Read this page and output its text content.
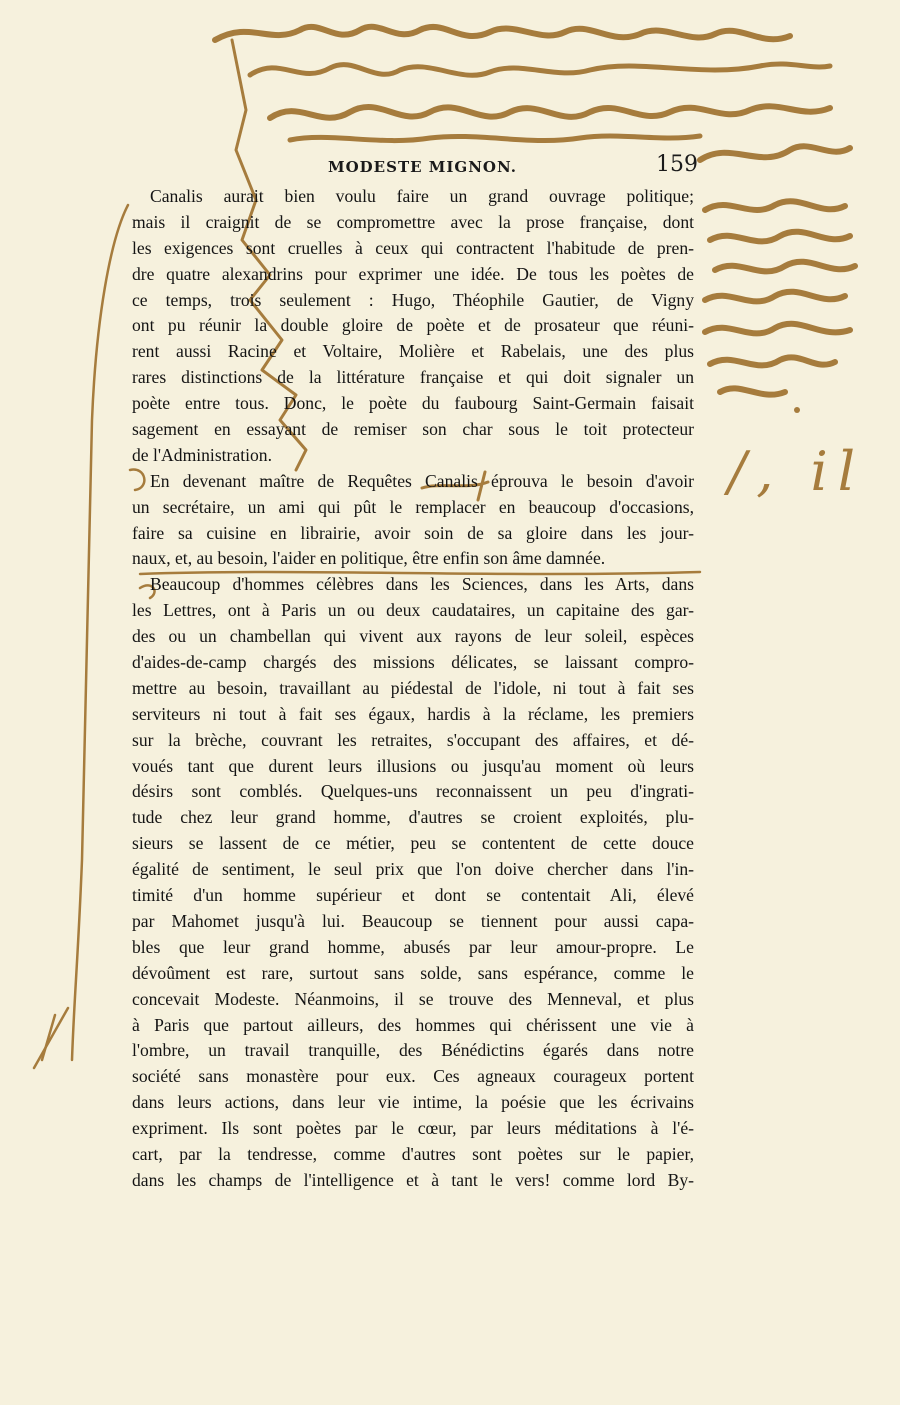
/, il
MODESTE MIGNON.	159
Canalis aurait bien voulu faire un grand ouvrage politique;
mais il craignit de se compromettre avec la prose française, dont
les exigences sont cruelles à ceux qui contractent l'habitude de pren-
dre quatre alexandrins pour exprimer une idée. De tous les poètes de
ce temps, trois seulement : Hugo, Théophile Gautier, de Vigny
ont pu réunir la double gloire de poète et de prosateur que réuni-
rent aussi Racine et Voltaire, Molière et Rabelais, une des plus
rares distinctions de la littérature française et qui doit signaler un
poète entre tous. Donc, le poète du faubourg Saint-Germain faisait
sagement en essayant de remiser son char sous le toit protecteur
de l'Administration.
En devenant maître de Requêtes Canalis éprouva le besoin d'avoir
un secrétaire, un ami qui pût le remplacer en beaucoup d'occasions,
faire sa cuisine en librairie, avoir soin de sa gloire dans les jour-
naux, et, au besoin, l'aider en politique, être enfin son âme damnée.
Beaucoup d'hommes célèbres dans les Sciences, dans les Arts, dans
les Lettres, ont à Paris un ou deux caudataires, un capitaine des gar-
des ou un chambellan qui vivent aux rayons de leur soleil, espèces
d'aides-de-camp chargés des missions délicates, se laissant compro-
mettre au besoin, travaillant au piédestal de l'idole, ni tout à fait ses
serviteurs ni tout à fait ses égaux, hardis à la réclame, les premiers
sur la brèche, couvrant les retraites, s'occupant des affaires, et dé-
voués tant que durent leurs illusions ou jusqu'au moment où leurs
désirs sont comblés. Quelques-uns reconnaissent un peu d'ingrati-
tude chez leur grand homme, d'autres se croient exploités, plu-
sieurs se lassent de ce métier, peu se contentent de cette douce
égalité de sentiment, le seul prix que l'on doive chercher dans l'in-
timité d'un homme supérieur et dont se contentait Ali, élevé
par Mahomet jusqu'à lui. Beaucoup se tiennent pour aussi capa-
bles que leur grand homme, abusés par leur amour-propre. Le
dévoûment est rare, surtout sans solde, sans espérance, comme le
concevait Modeste. Néanmoins, il se trouve des Menneval, et plus
à Paris que partout ailleurs, des hommes qui chérissent une vie à
l'ombre, un travail tranquille, des Bénédictins égarés dans notre
société sans monastère pour eux. Ces agneaux courageux portent
dans leurs actions, dans leur vie intime, la poésie que les écrivains
expriment. Ils sont poètes par le cœur, par leurs méditations à l'é-
cart, par la tendresse, comme d'autres sont poètes sur le papier,
dans les champs de l'intelligence et à tant le vers! comme lord By-
